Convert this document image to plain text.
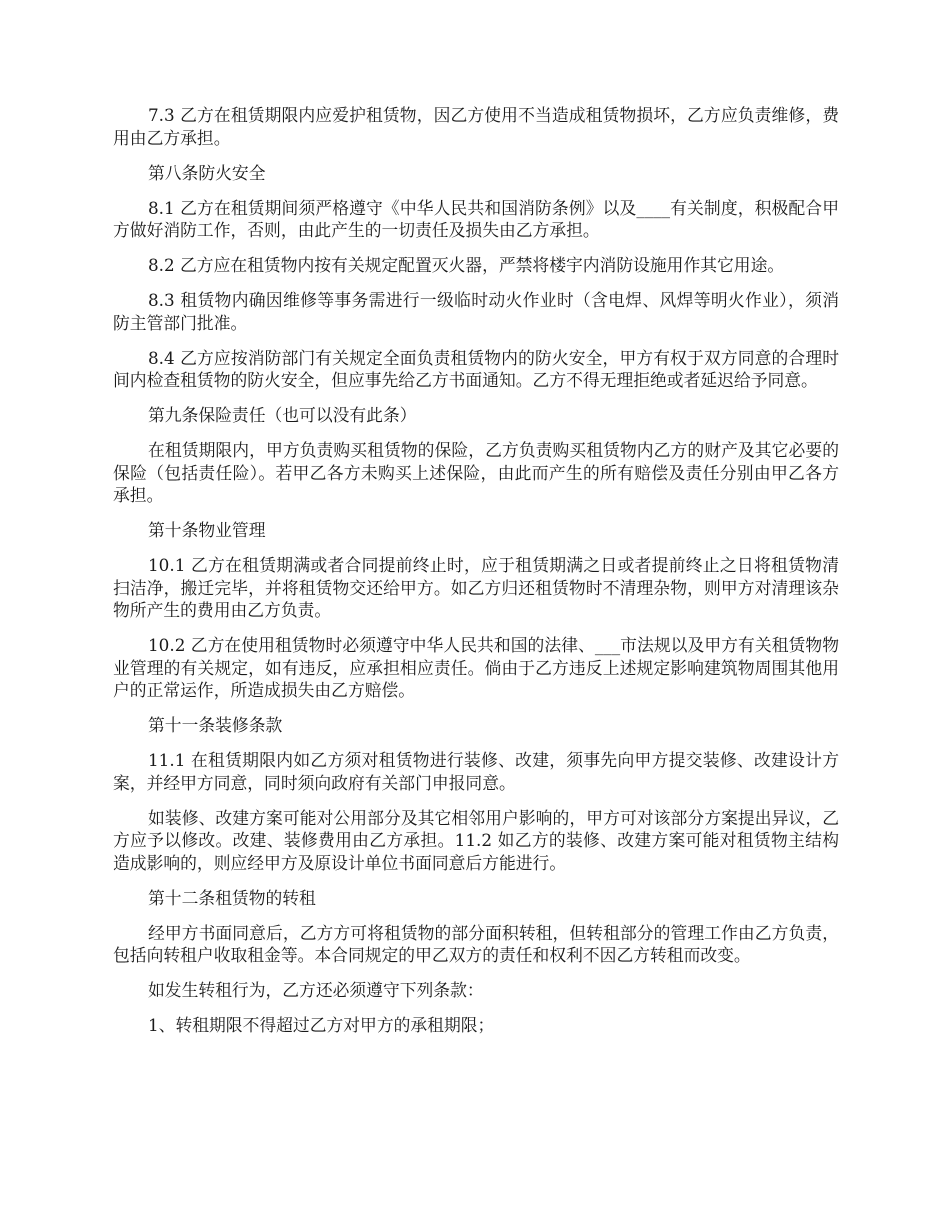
7.3 乙方在租赁期限内应爱护租赁物，因乙方使用不当造成租赁物损坏，乙方应负责维修，费用由乙方承担。

第八条防火安全

8.1 乙方在租赁期间须严格遵守《中华人民共和国消防条例》以及____有关制度，积极配合甲方做好消防工作，否则，由此产生的一切责任及损失由乙方承担。

8.2 乙方应在租赁物内按有关规定配置灭火器，严禁将楼宇内消防设施用作其它用途。

8.3 租赁物内确因维修等事务需进行一级临时动火作业时（含电焊、风焊等明火作业），须消防主管部门批准。

8.4 乙方应按消防部门有关规定全面负责租赁物内的防火安全，甲方有权于双方同意的合理时间内检查租赁物的防火安全，但应事先给乙方书面通知。乙方不得无理拒绝或者延迟给予同意。

第九条保险责任（也可以没有此条）

在租赁期限内，甲方负责购买租赁物的保险，乙方负责购买租赁物内乙方的财产及其它必要的保险（包括责任险）。若甲乙各方未购买上述保险，由此而产生的所有赔偿及责任分别由甲乙各方承担。

第十条物业管理

10.1 乙方在租赁期满或者合同提前终止时，应于租赁期满之日或者提前终止之日将租赁物清扫洁净，搬迁完毕，并将租赁物交还给甲方。如乙方归还租赁物时不清理杂物，则甲方对清理该杂物所产生的费用由乙方负责。

10.2 乙方在使用租赁物时必须遵守中华人民共和国的法律、___市法规以及甲方有关租赁物物业管理的有关规定，如有违反，应承担相应责任。倘由于乙方违反上述规定影响建筑物周围其他用户的正常运作，所造成损失由乙方赔偿。

第十一条装修条款

11.1 在租赁期限内如乙方须对租赁物进行装修、改建，须事先向甲方提交装修、改建设计方案，并经甲方同意，同时须向政府有关部门申报同意。

如装修、改建方案可能对公用部分及其它相邻用户影响的，甲方可对该部分方案提出异议，乙方应予以修改。改建、装修费用由乙方承担。11.2 如乙方的装修、改建方案可能对租赁物主结构造成影响的，则应经甲方及原设计单位书面同意后方能进行。

第十二条租赁物的转租

经甲方书面同意后，乙方方可将租赁物的部分面积转租，但转租部分的管理工作由乙方负责，包括向转租户收取租金等。本合同规定的甲乙双方的责任和权利不因乙方转租而改变。

如发生转租行为，乙方还必须遵守下列条款：

1、转租期限不得超过乙方对甲方的承租期限；
